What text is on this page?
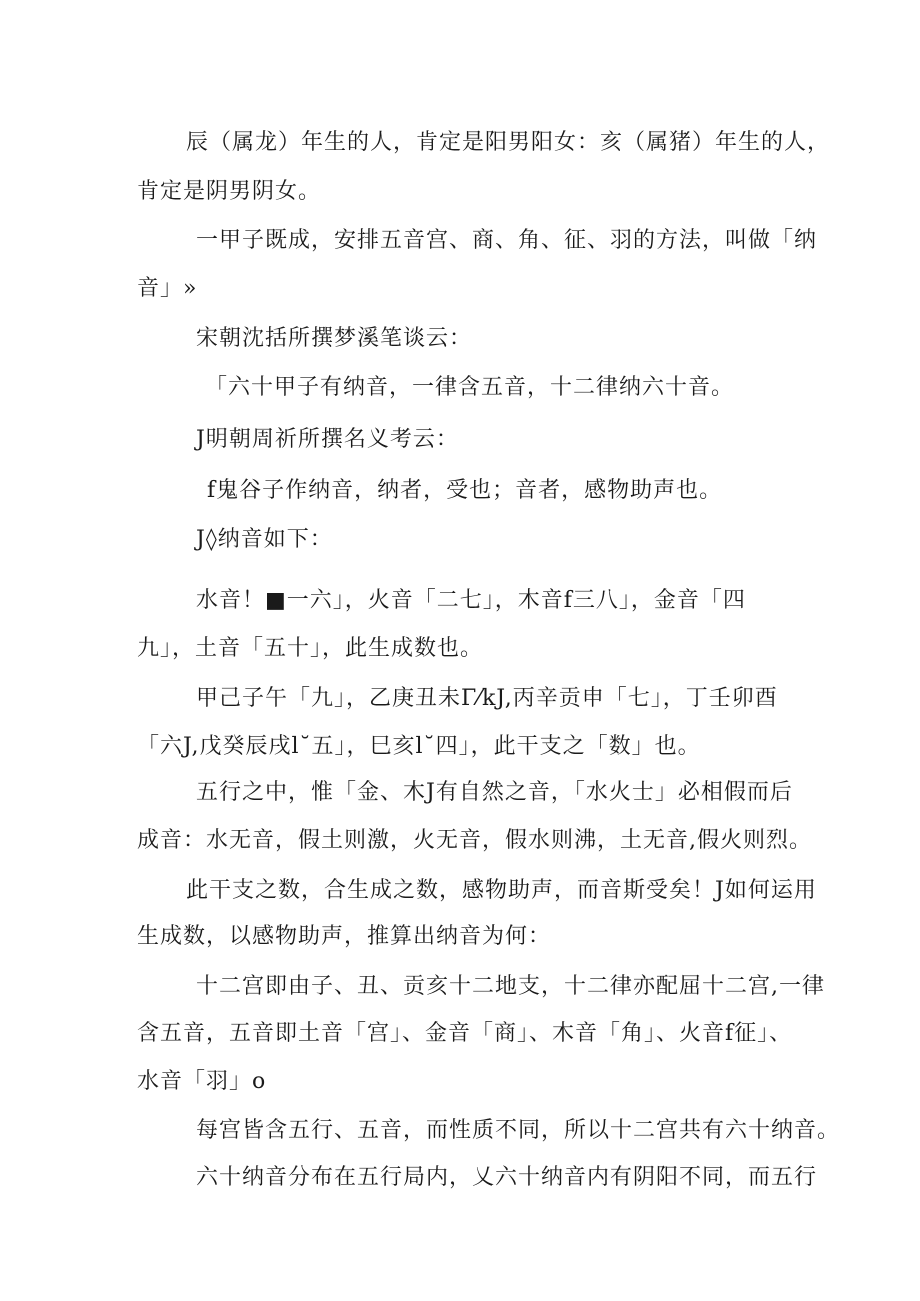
辰（属龙）年生的人，肯定是阳男阳女：亥（属猪）年生的人，
肯定是阴男阴女。
一甲子既成，安排五音宫、商、角、征、羽的方法，叫做「纳
音」»
宋朝沈括所撰梦溪笔谈云：
「六十甲子有纳音，一律含五音，十二律纳六十音。
J明朝周祈所撰名义考云：
f鬼谷子作纳音，纳者，受也；音者，感物助声也。
J◊纳音如下：
水音！■一六」，火音「二七」，木音f三八」，金音「四
九」，土音「五十」，此生成数也。
甲己子午「九」，乙庚丑未Γ⁄kJ,丙辛贡申「七」，丁壬卯酉
「六J,戊癸辰戌l˘五」，巳亥l˘四」，此干支之「数」也。
五行之中，惟「金、木J有自然之音，「水火士」必相假而后
成音：水无音，假土则激，火无音，假水则沸，土无音,假火则烈。
此干支之数，合生成之数，感物助声，而音斯受矣！J如何运用
生成数，以感物助声，推算出纳音为何：
十二宫即由子、丑、贡亥十二地支，十二律亦配屈十二宫,一律
含五音，五音即土音「宫」、金音「商」、木音「角」、火音f征」、
水音「羽」o
每宫皆含五行、五音，而性质不同，所以十二宫共有六十纳音。
六十纳音分布在五行局内，乂六十纳音内有阴阳不同，而五行
